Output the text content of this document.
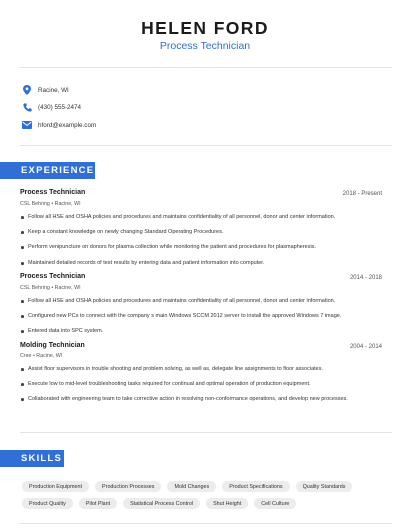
HELEN FORD
Process Technician
Racine, WI
(430) 555-2474
hford@example.com
EXPERIENCE
Process Technician	2018 - Present
CSL Behring • Racine, WI
Follow all HSE and OSHA policies and procedures and maintains confidentiality of all personnel, donor and center information.
Keep a constant knowledge on newly changing Standard Operating Procedures.
Perform venipuncture on donors for plasma collection while monitoring the patient and procedures for plasmapheresis.
Maintained detailed records of test results by entering data and patient information into computer.
Process Technician	2014 - 2018
CSL Behring • Racine, WI
Follow all HSE and OSHA policies and procedures and maintains confidentiality of all personnel, donor and center information.
Configured new PCs to connect with the company s main Windows SCCM 2012 server to install the approved Windows 7 image.
Entered data into SPC system.
Molding Technician	2004 - 2014
Cree • Racine, WI
Assist floor supervisors in trouble shooting and problem solving, as well as, delegate line assignments to floor associates.
Execute low to mid-level troubleshooting tasks required for continual and optimal operation of production equipment.
Collaborated with engineering team to take corrective action in resolving non-conformance operations, and develop new processes.
SKILLS
Production Equipment	Production Processes	Mold Changes	Product Specifications	Quality Standards
Product Quality	Pilot Plant	Statistical Process Control	Shut Height	Cell Culture
